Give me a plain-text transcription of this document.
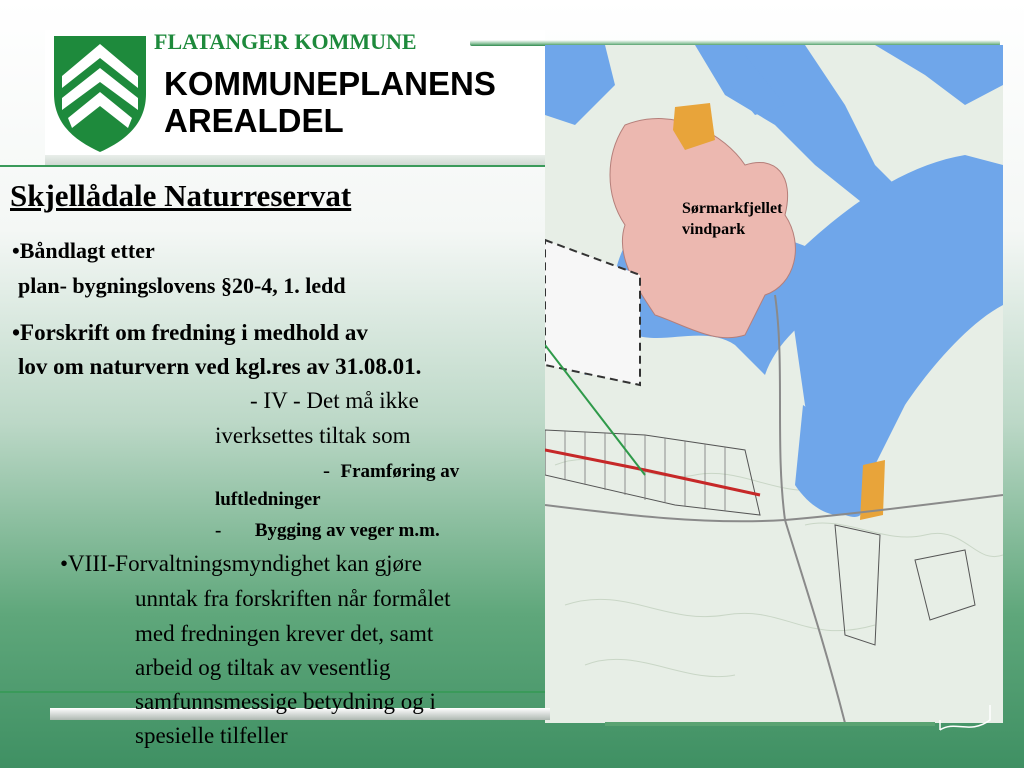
FLATANGER KOMMUNE
KOMMUNEPLANENS
AREALDEL
Sørmarkfjellet
vindpark
Skjellådale Naturreservat
•Båndlagt etter
plan- bygningslovens §20-4, 1. ledd
•Forskrift om fredning i medhold av
lov om naturvern ved kgl.res av 31.08.01.
- IV - Det må ikke
iverksettes tiltak som
- Framføring av
luftledninger
- Bygging av veger m.m.
•VIII-Forvaltningsmyndighet kan gjøre
unntak fra forskriften når formålet
med fredningen krever det, samt
arbeid og tiltak av vesentlig
samfunnsmessige betydning og i
spesielle tilfeller
